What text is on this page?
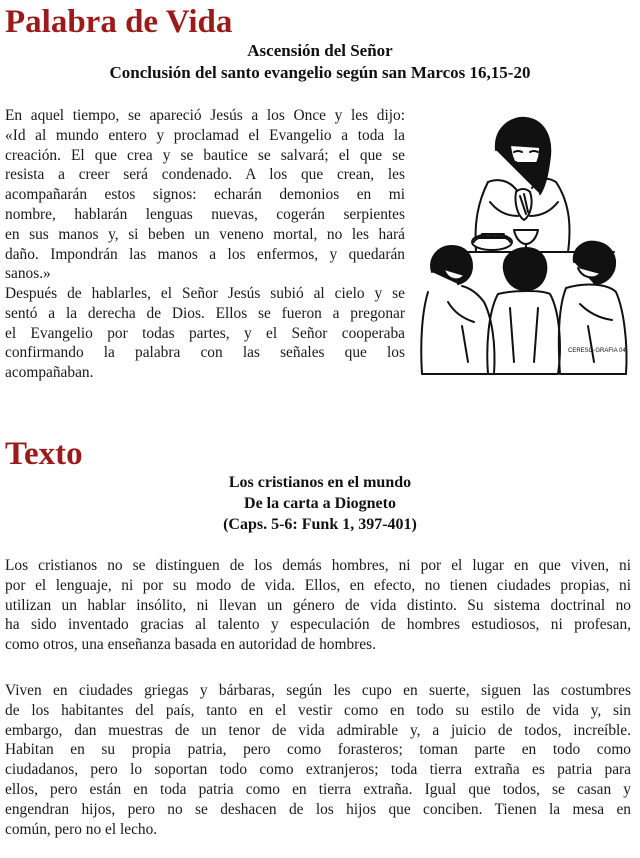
Palabra de Vida
Ascensión del Señor
Conclusión del santo evangelio según san Marcos 16,15-20
En aquel tiempo, se apareció Jesús a los Once y les dijo:
«Id al mundo entero y proclamad el Evangelio a toda la
creación. El que crea y se bautice se salvará; el que se
resista a creer será condenado. A los que crean, les
acompañarán estos signos: echarán demonios en mi
nombre, hablarán lenguas nuevas, cogerán serpientes
en sus manos y, si beben un veneno mortal, no les hará
daño. Impondrán las manos a los enfermos, y quedarán
sanos.»
Después de hablarles, el Señor Jesús subió al cielo y se
sentó a la derecha de Dios. Ellos se fueron a pregonar
el Evangelio por todas partes, y el Señor cooperaba
confirmando la palabra con las señales que los
acompañaban.
CERESO-GRAFIA 04
Texto
Los cristianos en el mundo
De la carta a Diogneto
(Caps. 5-6: Funk 1, 397-401)
Los cristianos no se distinguen de los demás hombres, ni por el lugar en que viven, ni
por el lenguaje, ni por su modo de vida. Ellos, en efecto, no tienen ciudades propias, ni
utilizan un hablar insólito, ni llevan un género de vida distinto. Su sistema doctrinal no
ha sido inventado gracias al talento y especulación de hombres estudiosos, ni profesan,
como otros, una enseñanza basada en autoridad de hombres.
Viven en ciudades griegas y bárbaras, según les cupo en suerte, siguen las costumbres
de los habitantes del país, tanto en el vestir como en todo su estilo de vida y, sin
embargo, dan muestras de un tenor de vida admirable y, a juicio de todos, increíble.
Habitan en su propia patria, pero como forasteros; toman parte en todo como
ciudadanos, pero lo soportan todo como extranjeros; toda tierra extraña es patria para
ellos, pero están en toda patria como en tierra extraña. Igual que todos, se casan y
engendran hijos, pero no se deshacen de los hijos que conciben. Tienen la mesa en
común, pero no el lecho.
